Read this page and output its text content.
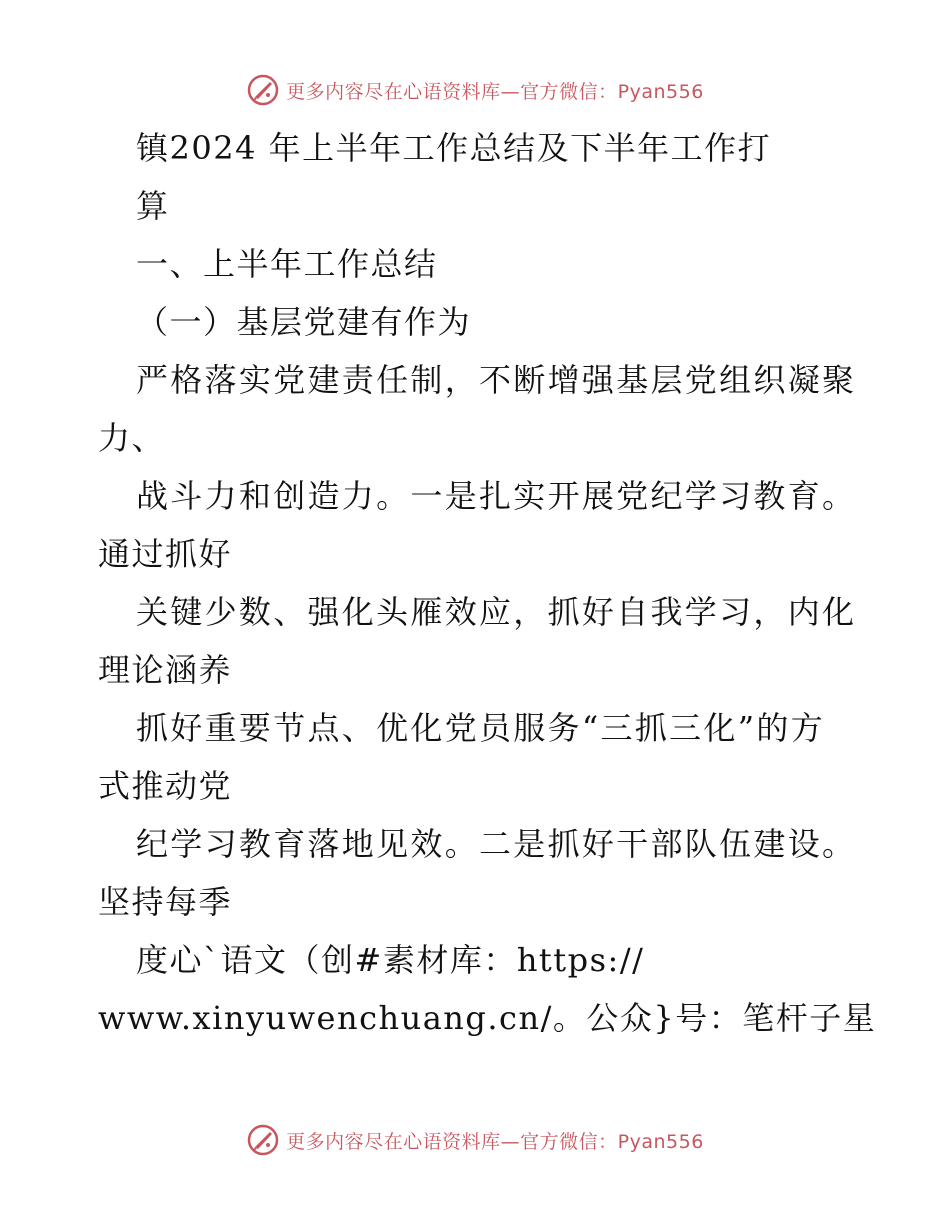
更多内容尽在心语资料库—官方微信：Pyan556
镇2024 年上半年工作总结及下半年工作打
算
一、上半年工作总结
（一）基层党建有作为
严格落实党建责任制，不断增强基层党组织凝聚
力、
战斗力和创造力。一是扎实开展党纪学习教育。
通过抓好
关键少数、强化头雁效应，抓好自我学习，内化
理论涵养
抓好重要节点、优化党员服务“三抓三化”的方
式推动党
纪学习教育落地见效。二是抓好干部队伍建设。
坚持每季
度心`语文（创#素材库：https://
www.xinyuwenchuang.cn/。公众}号：笔杆子星
更多内容尽在心语资料库—官方微信：Pyan556
